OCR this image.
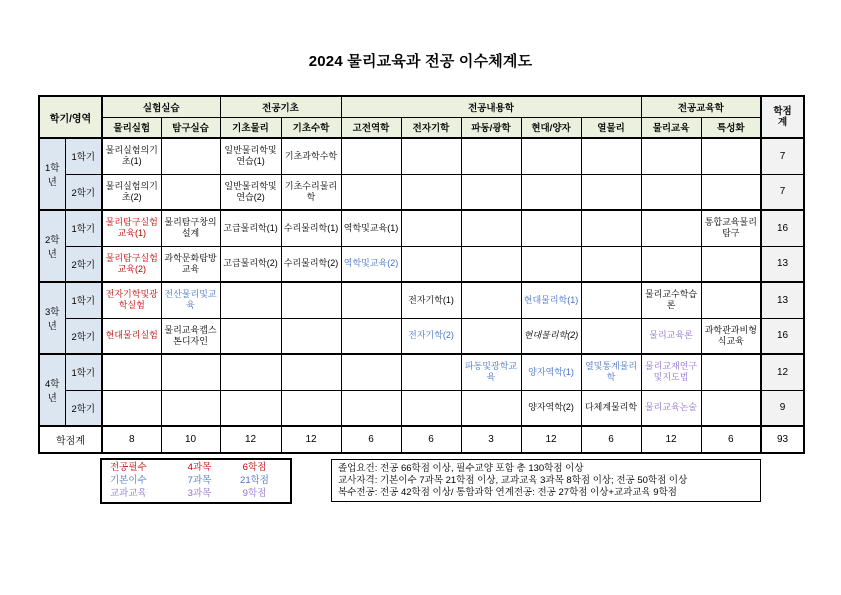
2024 물리교육과 전공 이수체계도
학기/영역		실험실습		전공기초		전공내용학					전공교육학		학점계
		물리실험	탐구실습	기초물리	기초수학	고전역학	전자기학	파동/광학	현대/양자	열물리	물리교육	특성화	
1학년	1학기	물리실험의기초(1)		일반물리학및연습(1)	기초과학수학								7
	2학기	물리실험의기초(2)		일반물리학및연습(2)	기초수리물리학								7
2학년	1학기	물리탐구실험교육(1)	물리탐구창의설계	고급물리학(1)	수리물리학(1)	역학및교육(1)						통합교육물리탐구	16
	2학기	물리탐구실험교육(2)	과학문화탐방교육	고급물리학(2)	수리물리학(2)	역학및교육(2)							13
3학년	1학기	전자기학및광학실험	전산물리및교육				전자기학(1)		현대물리학(1)		물리교수학습론		13
	2학기	현대물리실험	물리교육캡스톤디자인				전자기학(2)		현대물리학(2)		물리교육론	과학관과비형식교육	16
4학년	1학기							파동및광학교육	양자역학(1)	열및통계물리학	물리교재연구및지도법		12
	2학기								양자역학(2)	다체계물리학	물리교육논술		9
학점계		8	10	12	12	6	6	3	12	6	12	6	93
전공필수	4과목	6학점
기본이수	7과목	21학점
교과교육	3과목	9학점
졸업요건: 전공 66학점 이상, 필수교양 포함 총 130학점 이상
교사자격: 기본이수 7과목 21학점 이상, 교과교육 3과목 8학점 이상; 전공 50학점 이상
복수전공: 전공 42학점 이상/ 통합과학 연계전공: 전공 27학점 이상+교과교육 9학점
